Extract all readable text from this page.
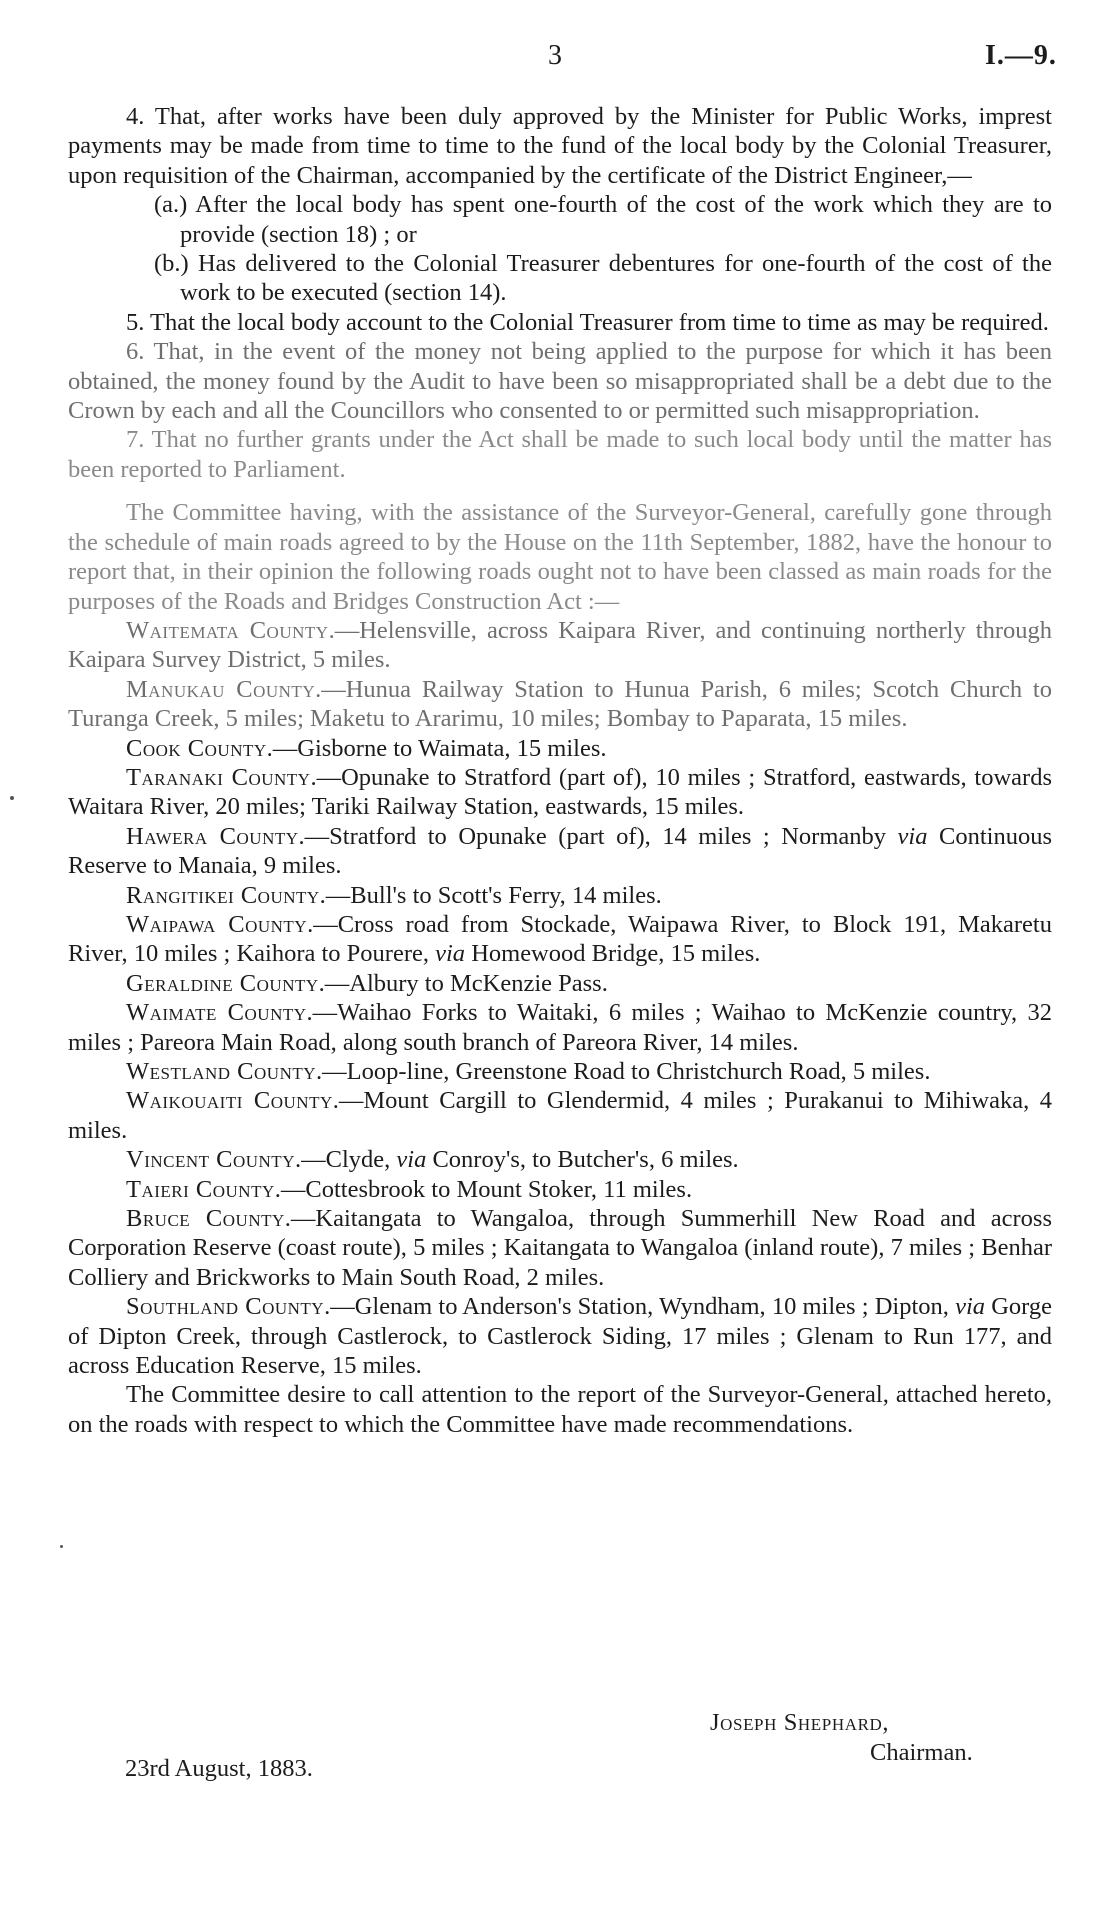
3	I.—9.

4. That, after works have been duly approved by the Minister for Public Works, imprest payments may be made from time to time to the fund of the local body by the Colonial Treasurer, upon requisition of the Chairman, accompanied by the certificate of the District Engineer,—

(a.) After the local body has spent one-fourth of the cost of the work which they are to provide (section 18) ; or

(b.) Has delivered to the Colonial Treasurer debentures for one-fourth of the cost of the work to be executed (section 14).

5. That the local body account to the Colonial Treasurer from time to time as may be required.

6. That, in the event of the money not being applied to the purpose for which it has been obtained, the money found by the Audit to have been so misappropriated shall be a debt due to the Crown by each and all the Councillors who consented to or permitted such misappropriation.

7. That no further grants under the Act shall be made to such local body until the matter has been reported to Parliament.

The Committee having, with the assistance of the Surveyor-General, carefully gone through the schedule of main roads agreed to by the House on the 11th September, 1882, have the honour to report that, in their opinion the following roads ought not to have been classed as main roads for the purposes of the Roads and Bridges Construction Act :—

Waitemata County.—Helensville, across Kaipara River, and continuing northerly through Kaipara Survey District, 5 miles.

Manukau County.—Hunua Railway Station to Hunua Parish, 6 miles; Scotch Church to Turanga Creek, 5 miles; Maketu to Ararimu, 10 miles; Bombay to Paparata, 15 miles.

Cook County.—Gisborne to Waimata, 15 miles.

Taranaki County.—Opunake to Stratford (part of), 10 miles ; Stratford, eastwards, towards Waitara River, 20 miles; Tariki Railway Station, eastwards, 15 miles.

Hawera County.—Stratford to Opunake (part of), 14 miles ; Normanby via Continuous Reserve to Manaia, 9 miles.

Rangitikei County.—Bull's to Scott's Ferry, 14 miles.

Waipawa County.—Cross road from Stockade, Waipawa River, to Block 191, Makaretu River, 10 miles ; Kaihora to Pourere, via Homewood Bridge, 15 miles.

Geraldine County.—Albury to McKenzie Pass.

Waimate County.—Waihao Forks to Waitaki, 6 miles ; Waihao to McKenzie country, 32 miles ; Pareora Main Road, along south branch of Pareora River, 14 miles.

Westland County.—Loop-line, Greenstone Road to Christchurch Road, 5 miles.

Waikouaiti County.—Mount Cargill to Glendermid, 4 miles ; Purakanui to Mihiwaka, 4 miles.

Vincent County.—Clyde, via Conroy's, to Butcher's, 6 miles.

Taieri County.—Cottesbrook to Mount Stoker, 11 miles.

Bruce County.—Kaitangata to Wangaloa, through Summerhill New Road and across Corporation Reserve (coast route), 5 miles ; Kaitangata to Wangaloa (inland route), 7 miles ; Benhar Colliery and Brickworks to Main South Road, 2 miles.

Southland County.—Glenam to Anderson's Station, Wyndham, 10 miles ; Dipton, via Gorge of Dipton Creek, through Castlerock, to Castlerock Siding, 17 miles ; Glenam to Run 177, and across Education Reserve, 15 miles.

The Committee desire to call attention to the report of the Surveyor-General, attached hereto, on the roads with respect to which the Committee have made recommendations.

Joseph Shephard,
Chairman.
23rd August, 1883.
